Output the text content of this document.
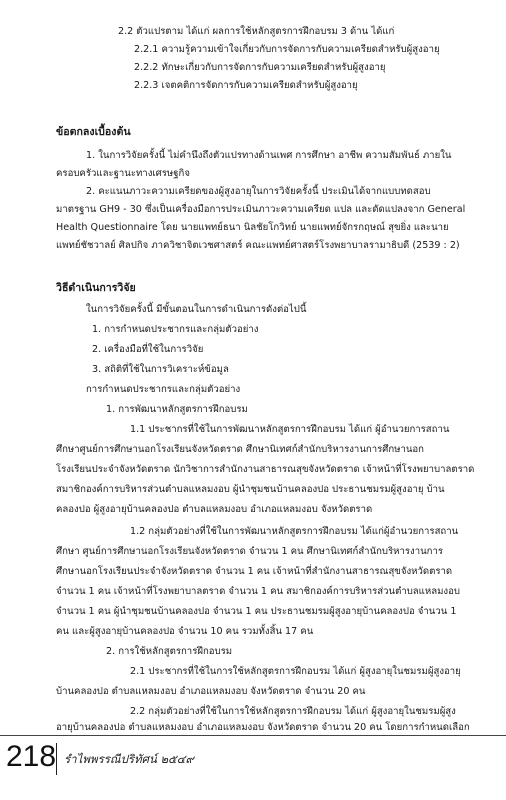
2.2 ตัวแปรตาม ได้แก่ ผลการใช้หลักสูตรการฝึกอบรม 3 ด้าน ได้แก่
2.2.1 ความรู้ความเข้าใจเกี่ยวกับการจัดการกับความเครียดสำหรับผู้สูงอายุ
2.2.2 ทักษะเกี่ยวกับการจัดการกับความเครียดสำหรับผู้สูงอายุ
2.2.3 เจตคติการจัดการกับความเครียดสำหรับผู้สูงอายุ
ข้อตกลงเบื้องต้น
1. ในการวิจัยครั้งนี้ ไม่คำนึงถึงตัวแปรทางด้านเพศ การศึกษา อาชีพ ความสัมพันธ์ ภายใน
ครอบครัวและฐานะทางเศรษฐกิจ
2. คะแนนภาวะความเครียดของผู้สูงอายุในการวิจัยครั้งนี้ ประเมินได้จากแบบทดสอบ
มาตรฐาน GH9 - 30 ซึ่งเป็นเครื่องมือการประเมินภาวะความเครียด แปล และดัดแปลงจาก General
Health Questionnaire โดย นายแพทย์ธนา นิลชัยโกวิทย์ นายแพทย์จักรกฤษณ์ สุขยิ่ง และนาย
แพทย์ชัชวาลย์ ศิลปกิจ ภาควิชาจิตเวชศาสตร์ คณะแพทย์ศาสตร์โรงพยาบาลรามาธิบดี (2539 : 2)
วิธีดำเนินการวิจัย
ในการวิจัยครั้งนี้ มีขั้นตอนในการดำเนินการดังต่อไปนี้
1. การกำหนดประชากรและกลุ่มตัวอย่าง
2. เครื่องมือที่ใช้ในการวิจัย
3. สถิติที่ใช้ในการวิเคราะห์ข้อมูล
การกำหนดประชากรและกลุ่มตัวอย่าง
1. การพัฒนาหลักสูตรการฝึกอบรม
1.1 ประชากรที่ใช้ในการพัฒนาหลักสูตรการฝึกอบรม ได้แก่ ผู้อำนวยการสถาน
ศึกษาศูนย์การศึกษานอกโรงเรียนจังหวัดตราด ศึกษานิเทศก์สำนักบริหารงานการศึกษานอก
โรงเรียนประจำจังหวัดตราด นักวิชาการสำนักงานสาธารณสุขจังหวัดตราด เจ้าหน้าที่โรงพยาบาลตราด
สมาชิกองค์การบริหารส่วนตำบลแหลมงอบ ผู้นำชุมชนบ้านคลองปอ ประธานชมรมผู้สูงอายุ บ้าน
คลองปอ ผู้สูงอายุบ้านคลองปอ ตำบลแหลมงอบ อำเภอแหลมงอบ จังหวัดตราด
1.2 กลุ่มตัวอย่างที่ใช้ในการพัฒนาหลักสูตรการฝึกอบรม ได้แก่ผู้อำนวยการสถาน
ศึกษา ศูนย์การศึกษานอกโรงเรียนจังหวัดตราด จำนวน 1 คน ศึกษานิเทศก์สำนักบริหารงานการ
ศึกษานอกโรงเรียนประจำจังหวัดตราด จำนวน 1 คน เจ้าหน้าที่สำนักงานสาธารณสุขจังหวัดตราด
จำนวน 1 คน เจ้าหน้าที่โรงพยาบาลตราด จำนวน 1 คน สมาชิกองค์การบริหารส่วนตำบลแหลมงอบ
จำนวน 1 คน ผู้นำชุมชนบ้านคลองปอ จำนวน 1 คน ประธานชมรมผู้สูงอายุบ้านคลองปอ จำนวน 1
คน และผู้สูงอายุบ้านคลองปอ จำนวน 10 คน รวมทั้งสิ้น 17 คน
2. การใช้หลักสูตรการฝึกอบรม
2.1 ประชากรที่ใช้ในการใช้หลักสูตรการฝึกอบรม ได้แก่ ผู้สูงอายุในชมรมผู้สูงอายุ
บ้านคลองปอ ตำบลแหลมงอบ อำเภอแหลมงอบ จังหวัดตราด จำนวน 20 คน
2.2 กลุ่มตัวอย่างที่ใช้ในการใช้หลักสูตรการฝึกอบรม ได้แก่ ผู้สูงอายุในชมรมผู้สูง
อายุบ้านคลองปอ ตำบลแหลมงอบ อำเภอแหลมงอบ จังหวัดตราด จำนวน 20 คน โดยการกำหนดเลือก
218 รำไพพรรณีปริทัศน์ ๒๕๔๙
